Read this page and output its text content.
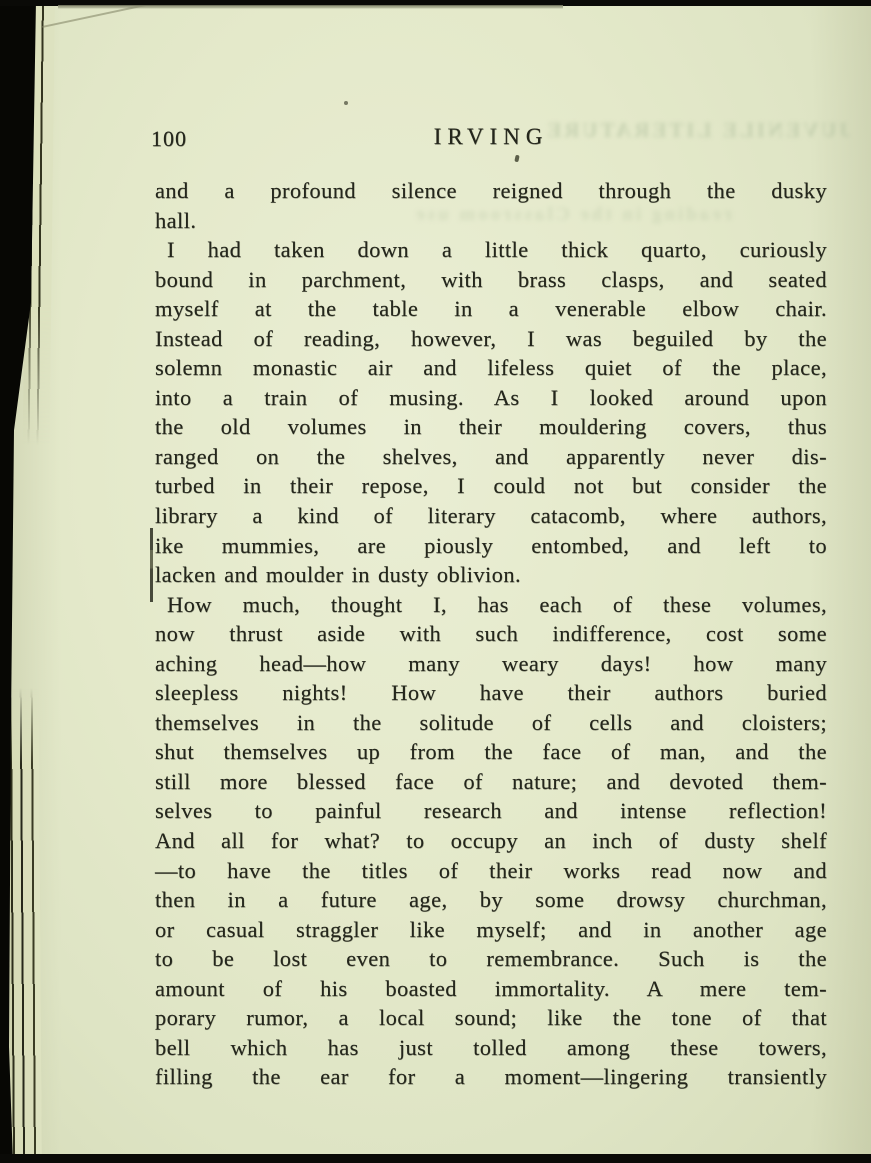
JUVENILE LITERATURE
reading in the Classroom use
100	IRVING
and a profound silence reigned through the dusky
hall.
I had taken down a little thick quarto, curiously
bound in parchment, with brass clasps, and seated
myself at the table in a venerable elbow chair.
Instead of reading, however, I was beguiled by the
solemn monastic air and lifeless quiet of the place,
into a train of musing. As I looked around upon
the old volumes in their mouldering covers, thus
ranged on the shelves, and apparently never dis-
turbed in their repose, I could not but consider the
library a kind of literary catacomb, where authors,
ike mummies, are piously entombed, and left to
lacken and moulder in dusty oblivion.
How much, thought I, has each of these volumes,
now thrust aside with such indifference, cost some
aching head—how many weary days! how many
sleepless nights! How have their authors buried
themselves in the solitude of cells and cloisters;
shut themselves up from the face of man, and the
still more blessed face of nature; and devoted them-
selves to painful research and intense reflection!
And all for what? to occupy an inch of dusty shelf
—to have the titles of their works read now and
then in a future age, by some drowsy churchman,
or casual straggler like myself; and in another age
to be lost even to remembrance. Such is the
amount of his boasted immortality. A mere tem-
porary rumor, a local sound; like the tone of that
bell which has just tolled among these towers,
filling the ear for a moment—lingering transiently
